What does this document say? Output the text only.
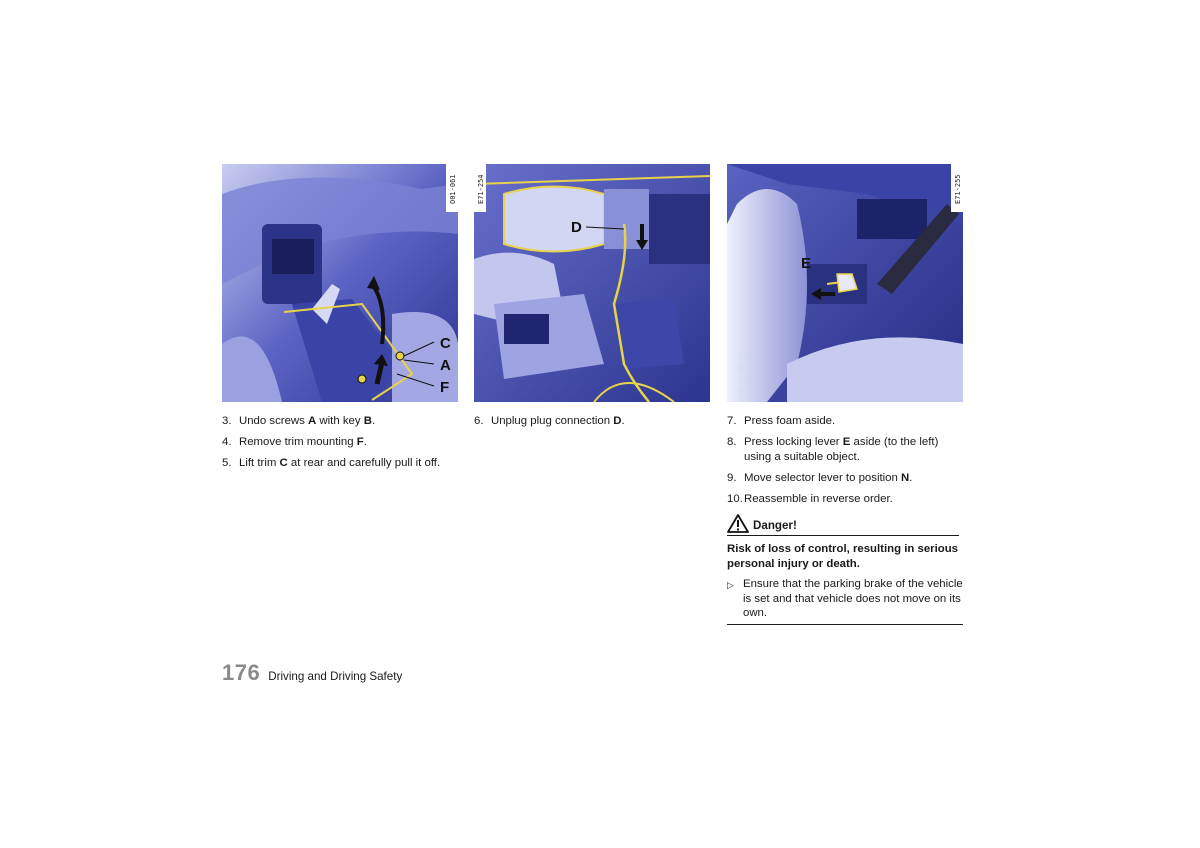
C
A
F
O01-061
D
E71-254
E
P
R
N
D
E71-255
3. Undo screws A with key B.
4. Remove trim mounting F.
5. Lift trim C at rear and carefully pull it off.
6. Unplug plug connection D.	7. Press foam aside.
8. Press locking lever E aside (to the left) using a suitable object.
9. Move selector lever to position N.
10. Reassemble in reverse order.
Danger!
Risk of loss of control, resulting in serious personal injury or death.
▷ Ensure that the parking brake of the vehicle is set and that vehicle does not move on its own.
176 Driving and Driving Safety
